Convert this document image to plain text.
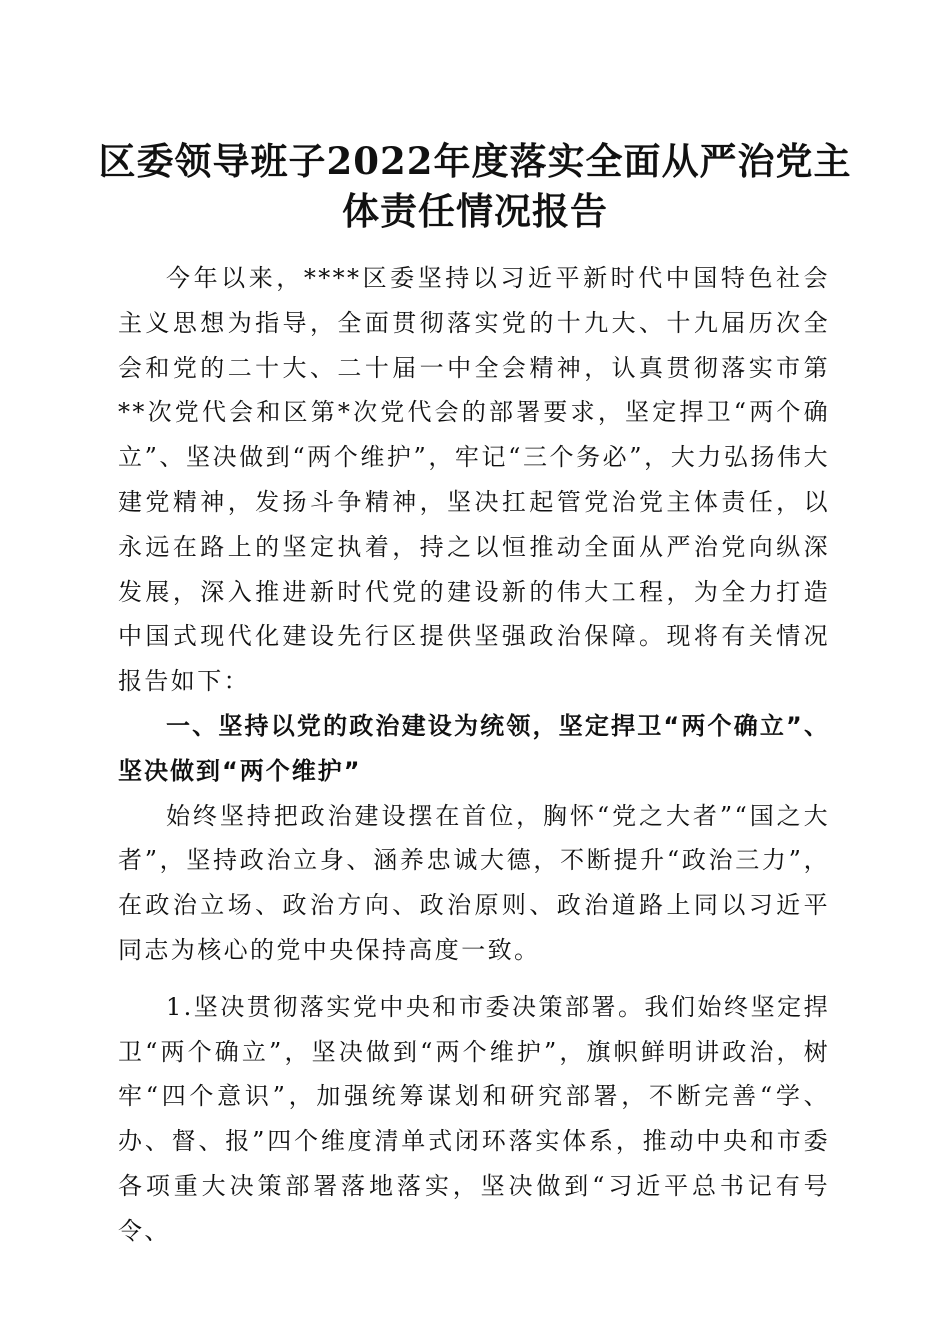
区委领导班子2022年度落实全面从严治党主体责任情况报告

今年以来，****区委坚持以习近平新时代中国特色社会主义思想为指导，全面贯彻落实党的十九大、十九届历次全会和党的二十大、二十届一中全会精神，认真贯彻落实市第**次党代会和区第*次党代会的部署要求，坚定捍卫“两个确立”、坚决做到“两个维护”，牢记“三个务必”，大力弘扬伟大建党精神，发扬斗争精神，坚决扛起管党治党主体责任，以永远在路上的坚定执着，持之以恒推动全面从严治党向纵深发展，深入推进新时代党的建设新的伟大工程，为全力打造中国式现代化建设先行区提供坚强政治保障。现将有关情况报告如下：

一、坚持以党的政治建设为统领，坚定捍卫“两个确立”、坚决做到“两个维护”

始终坚持把政治建设摆在首位，胸怀“党之大者”“国之大者”，坚持政治立身、涵养忠诚大德，不断提升“政治三力”，在政治立场、政治方向、政治原则、政治道路上同以习近平同志为核心的党中央保持高度一致。

1.坚决贯彻落实党中央和市委决策部署。我们始终坚定捍卫“两个确立”，坚决做到“两个维护”，旗帜鲜明讲政治，树牢“四个意识”，加强统筹谋划和研究部署，不断完善“学、办、督、报”四个维度清单式闭环落实体系，推动中央和市委各项重大决策部署落地落实，坚决做到“习近平总书记有号令、
